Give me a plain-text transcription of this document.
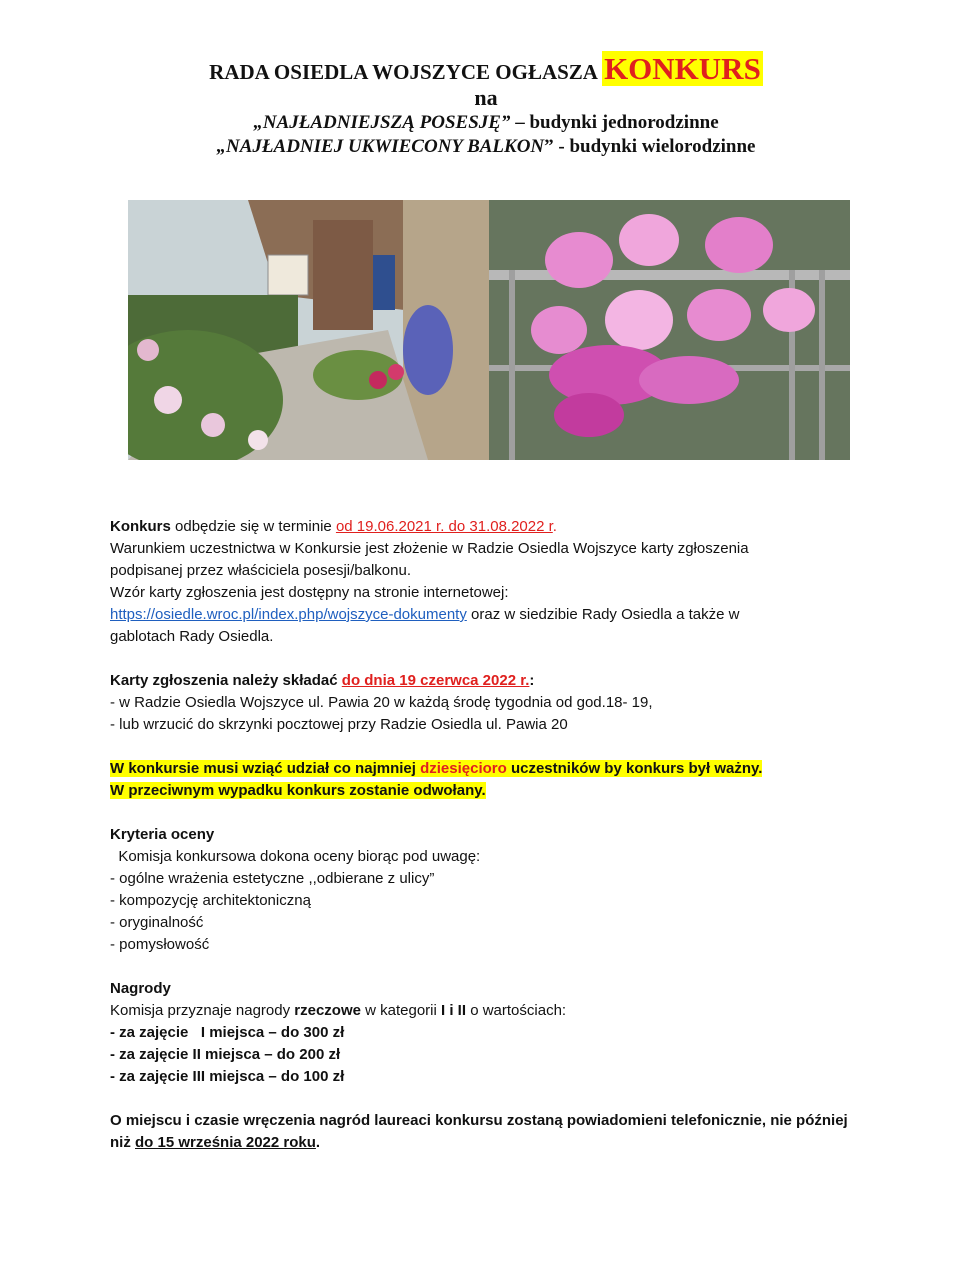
RADA OSIEDLA WOJSZYCE OGŁASZA KONKURS
na
„NAJŁADNIEJSZĄ POSESJĘ” – budynki jednorodzinne
„NAJŁADNIEJ UKWIECONY BALKON” - budynki wielorodzinne
Konkurs odbędzie się w terminie od 19.06.2021 r. do 31.08.2022 r.
Warunkiem uczestnictwa w Konkursie jest złożenie w Radzie Osiedla Wojszyce karty zgłoszenia
podpisanej przez właściciela posesji/balkonu.
Wzór karty zgłoszenia jest dostępny na stronie internetowej:
https://osiedle.wroc.pl/index.php/wojszyce-dokumenty oraz w siedzibie Rady Osiedla a także w
gablotach Rady Osiedla.
Karty zgłoszenia należy składać do dnia 19 czerwca 2022 r.:
- w Radzie Osiedla Wojszyce ul. Pawia 20 w każdą środę tygodnia od god.18- 19,
- lub wrzucić do skrzynki pocztowej przy Radzie Osiedla ul. Pawia 20
W konkursie musi wziąć udział co najmniej dziesięcioro uczestników by konkurs był ważny.
W przeciwnym wypadku konkurs zostanie odwołany.
Kryteria oceny
Komisja konkursowa dokona oceny biorąc pod uwagę:
- ogólne wrażenia estetyczne ,,odbierane z ulicy”
- kompozycję architektoniczną
- oryginalność
- pomysłowość
Nagrody
Komisja przyznaje nagrody rzeczowe w kategorii I i II o wartościach:
- za zajęcie   I miejsca – do 300 zł
- za zajęcie II miejsca – do 200 zł
- za zajęcie III miejsca – do 100 zł
O miejscu i czasie wręczenia nagród laureaci konkursu zostaną powiadomieni telefonicznie, nie później
niż do 15 września 2022 roku.
